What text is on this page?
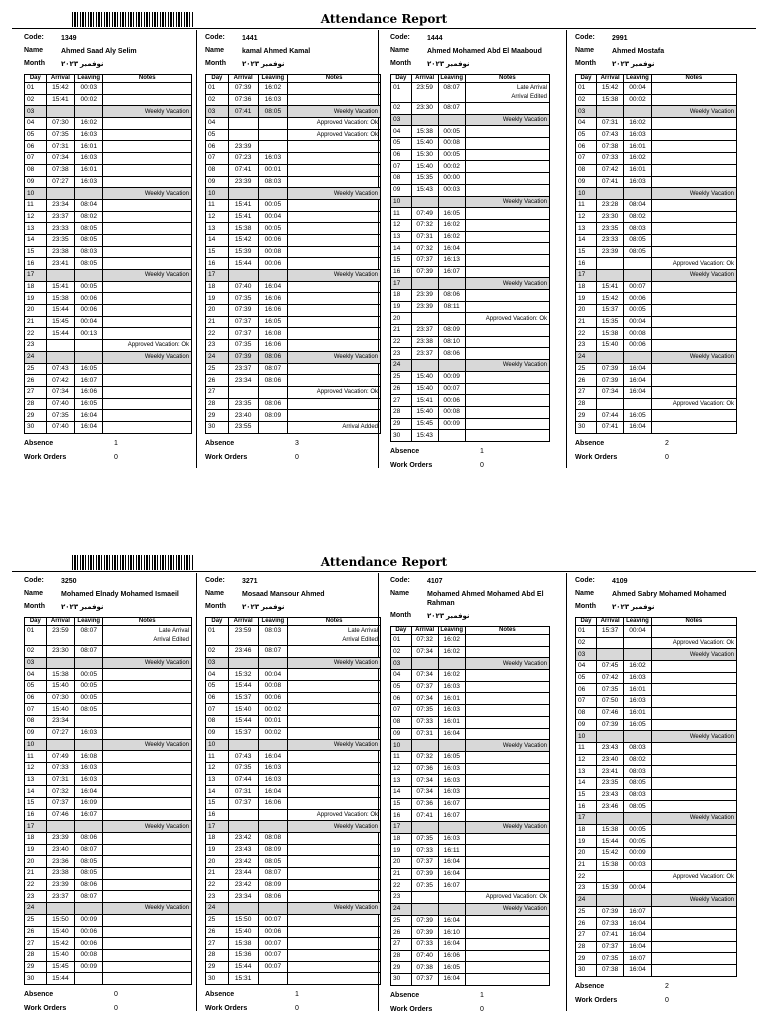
Attendance Report
Code:	1349
Name	Ahmed Saad Aly Selim
Month	نوفمبر ٢٠٢٣
Day	Arrival	Leaving	Notes
01	15:42	00:03	
02	15:41	00:02	
03			Weekly Vacation
04	07:30	16:02	
05	07:35	16:03	
06	07:31	16:01	
07	07:34	16:03	
08	07:38	16:01	
09	07:27	16:03	
10			Weekly Vacation
11	23:34	08:04	
12	23:37	08:02	
13	23:33	08:05	
14	23:35	08:05	
15	23:38	08:03	
16	23:41	08:05	
17			Weekly Vacation
18	15:41	00:05	
19	15:38	00:06	
20	15:44	00:06	
21	15:45	00:04	
22	15:44	00:13	
23			Approved Vacation: Ok
24			Weekly Vacation
25	07:43	16:05	
26	07:42	16:07	
27	07:34	16:06	
28	07:40	16:05	
29	07:35	16:04	
30	07:40	16:04	
Absence	1
Work Orders	0
Code:	1441
Name	kamal Ahmed Kamal
Month	نوفمبر ٢٠٢٣
Day	Arrival	Leaving	Notes
01	07:39	16:02	
02	07:36	16:03	
03	07:41	08:05	Weekly Vacation
04			Approved Vacation: Ok
05			Approved Vacation: Ok
06	23:39		
07	07:23	16:03	
08	07:41	00:01	
09	23:39	08:03	
10			Weekly Vacation
11	15:41	00:05	
12	15:41	00:04	
13	15:38	00:05	
14	15:42	00:06	
15	15:39	00:08	
16	15:44	00:06	
17			Weekly Vacation
18	07:40	16:04	
19	07:35	16:06	
20	07:39	16:06	
21	07:37	16:05	
22	07:37	16:08	
23	07:35	16:06	
24	07:39	08:06	Weekly Vacation
25	23:37	08:07	
26	23:34	08:06	
27			Approved Vacation: Ok
28	23:35	08:06	
29	23:40	08:09	
30	23:55		Arrival Added
Absence	3
Work Orders	0
Code:	1444
Name	Ahmed Mohamed Abd El Maaboud
Month	نوفمبر ٢٠٢٣
Day	Arrival	Leaving	Notes
01	23:59	08:07	Late Arrival
Arrival Edited

02	23:30	08:07	
03			Weekly Vacation
04	15:38	00:05	
05	15:40	00:08	
06	15:30	00:05	
07	15:40	00:02	
08	15:35	00:00	
09	15:43	00:03	
10			Weekly Vacation
11	07:49	16:05	
12	07:32	16:02	
13	07:31	16:02	
14	07:32	16:04	
15	07:37	16:13	
16	07:39	16:07	
17			Weekly Vacation
18	23:39	08:06	
19	23:39	08:11	
20			Approved Vacation: Ok
21	23:37	08:09	
22	23:38	08:10	
23	23:37	08:06	
24			Weekly Vacation
25	15:40	00:09	
26	15:40	00:07	
27	15:41	00:06	
28	15:40	00:08	
29	15:45	00:09	
30	15:43		
Absence	1
Work Orders	0
Code:	2991
Name	Ahmed Mostafa
Month	نوفمبر ٢٠٢٣
Day	Arrival	Leaving	Notes
01	15:42	00:04	
02	15:38	00:02	
03			Weekly Vacation
04	07:31	16:02	
05	07:43	16:03	
06	07:38	16:01	
07	07:33	16:02	
08	07:42	16:01	
09	07:41	16:03	
10			Weekly Vacation
11	23:28	08:04	
12	23:30	08:02	
13	23:35	08:03	
14	23:33	08:05	
15	23:39	08:05	
16			Approved Vacation: Ok
17			Weekly Vacation
18	15:41	00:07	
19	15:42	00:06	
20	15:37	00:05	
21	15:35	00:04	
22	15:38	00:08	
23	15:40	00:06	
24			Weekly Vacation
25	07:39	16:04	
26	07:39	16:04	
27	07:34	16:04	
28			Approved Vacation: Ok
29	07:44	16:05	
30	07:41	16:04	
Absence	2
Work Orders	0
Attendance Report
Code:	3250
Name	Mohamed Elnady Mohamed Ismaeil
Month	نوفمبر ٢٠٢٣
Day	Arrival	Leaving	Notes
01	23:59	08:07	Late Arrival
Arrival Edited

02	23:30	08:07	
03			Weekly Vacation
04	15:38	00:05	
05	15:40	00:05	
06	07:30	00:05	
07	15:40	08:05	
08	23:34		
09	07:27	16:03	
10			Weekly Vacation
11	07:49	16:08	
12	07:33	16:03	
13	07:31	16:03	
14	07:32	16:04	
15	07:37	16:09	
16	07:46	16:07	
17			Weekly Vacation
18	23:39	08:06	
19	23:40	08:07	
20	23:36	08:05	
21	23:38	08:05	
22	23:39	08:06	
23	23:37	08:07	
24			Weekly Vacation
25	15:50	00:09	
26	15:40	00:06	
27	15:42	00:06	
28	15:40	00:08	
29	15:45	00:09	
30	15:44		
Absence	0
Work Orders	0
Code:	3271
Name	Mosaad Mansour Ahmed
Month	نوفمبر ٢٠٢٣
Day	Arrival	Leaving	Notes
01	23:59	08:03	Late Arrival
Arrival Edited

02	23:46	08:07	
03			Weekly Vacation
04	15:32	00:04	
05	15:44	00:08	
06	15:37	00:06	
07	15:40	00:02	
08	15:44	00:01	
09	15:37	00:02	
10			Weekly Vacation
11	07:43	16:04	
12	07:35	16:03	
13	07:44	16:03	
14	07:31	16:04	
15	07:37	16:06	
16			Approved Vacation: Ok
17			Weekly Vacation
18	23:42	08:08	
19	23:43	08:09	
20	23:42	08:05	
21	23:44	08:07	
22	23:42	08:09	
23	23:34	08:06	
24			Weekly Vacation
25	15:50	00:07	
26	15:40	00:06	
27	15:38	00:07	
28	15:36	00:07	
29	15:44	00:07	
30	15:31		
Absence	1
Work Orders	0
Code:	4107
Name	Mohamed Ahmed Mohamed Abd El Rahman
Month	نوفمبر ٢٠٢٣
Day	Arrival	Leaving	Notes
01	07:32	16:02	
02	07:34	16:02	
03			Weekly Vacation
04	07:34	16:02	
05	07:37	16:03	
06	07:34	16:01	
07	07:35	16:03	
08	07:33	16:01	
09	07:31	16:04	
10			Weekly Vacation
11	07:32	16:05	
12	07:36	16:03	
13	07:34	16:03	
14	07:34	16:03	
15	07:36	16:07	
16	07:41	16:07	
17			Weekly Vacation
18	07:35	16:03	
19	07:33	16:11	
20	07:37	16:04	
21	07:39	16:04	
22	07:35	16:07	
23			Approved Vacation: Ok
24			Weekly Vacation
25	07:39	16:04	
26	07:39	16:10	
27	07:33	16:04	
28	07:40	16:06	
29	07:38	16:05	
30	07:37	16:04	
Absence	1
Work Orders	0
Code:	4109
Name	Ahmed Sabry Mohamed Mohamed
Month	نوفمبر ٢٠٢٣
Day	Arrival	Leaving	Notes
01	15:37	00:04	
02			Approved Vacation: Ok
03			Weekly Vacation
04	07:45	16:02	
05	07:42	16:03	
06	07:35	16:01	
07	07:50	16:03	
08	07:46	16:01	
09	07:39	16:05	
10			Weekly Vacation
11	23:43	08:03	
12	23:40	08:02	
13	23:41	08:03	
14	23:35	08:05	
15	23:43	08:03	
16	23:46	08:05	
17			Weekly Vacation
18	15:38	00:05	
19	15:44	00:05	
20	15:42	00:09	
21	15:38	00:03	
22			Approved Vacation: Ok
23	15:39	00:04	
24			Weekly Vacation
25	07:39	16:07	
26	07:33	16:04	
27	07:41	16:04	
28	07:37	16:04	
29	07:35	16:07	
30	07:38	16:04	
Absence	2
Work Orders	0
